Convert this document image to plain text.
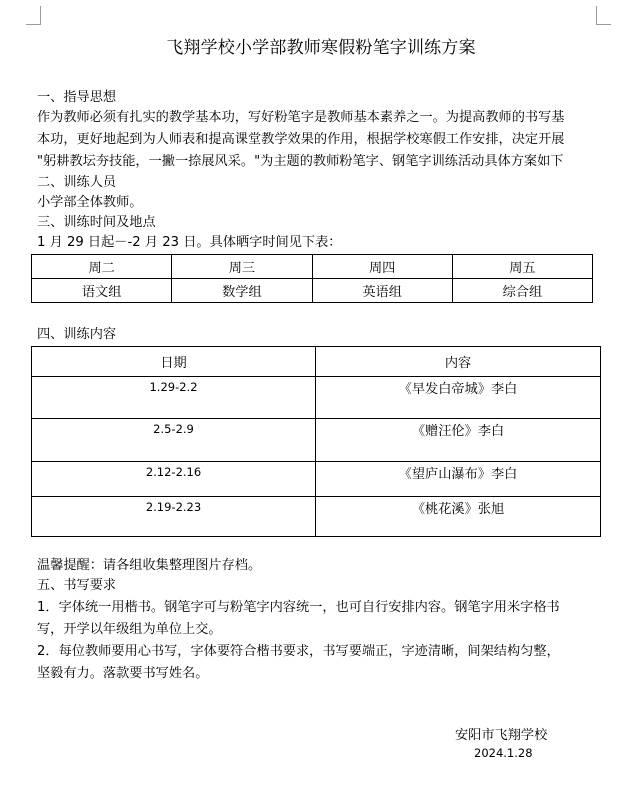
飞翔学校小学部教师寒假粉笔字训练方案
一、指导思想
作为教师必须有扎实的教学基本功，写好粉笔字是教师基本素养之一。为提高教师的书写基
本功，更好地起到为人师表和提高课堂教学效果的作用，根据学校寒假工作安排，决定开展
"躬耕教坛夯技能，一撇一捺展风采。"为主题的教师粉笔字、钢笔字训练活动具体方案如下
二、训练人员
小学部全体教师。
三、训练时间及地点
1 月 29 日起－-2 月 23 日。具体晒字时间见下表：
周二	周三	周四	周五
语文组	数学组	英语组	综合组
四、训练内容
日期	内容
1.29-2.2	《早发白帝城》李白
2.5-2.9	《赠汪伦》李白
2.12-2.16	《望庐山瀑布》李白
2.19-2.23	《桃花溪》张旭
温馨提醒：请各组收集整理图片存档。
五、书写要求
1．字体统一用楷书。钢笔字可与粉笔字内容统一，也可自行安排内容。钢笔字用米字格书
写，开学以年级组为单位上交。
2．每位教师要用心书写，字体要符合楷书要求，书写要端正，字迹清晰，间架结构匀整，
坚毅有力。落款要书写姓名。
安阳市飞翔学校
2024.1.28
